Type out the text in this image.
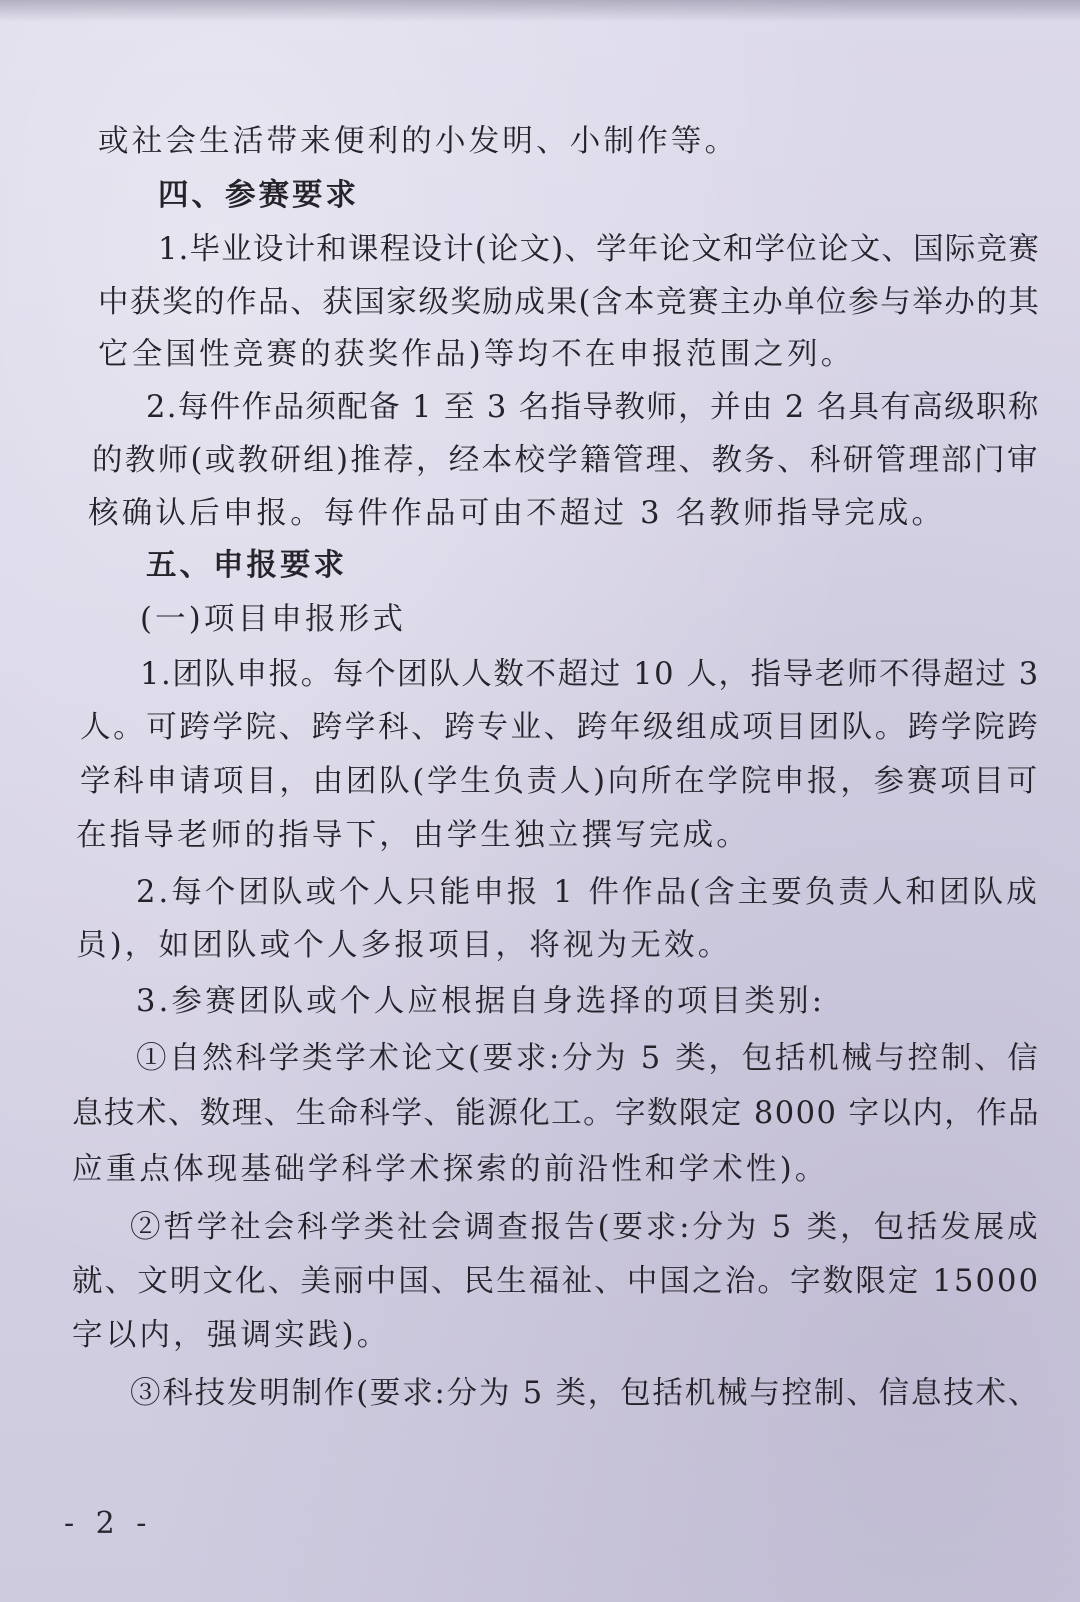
或社会生活带来便利的小发明、小制作等。
四、参赛要求
1.毕业设计和课程设计(论文)、学年论文和学位论文、国际竞赛
中获奖的作品、获国家级奖励成果(含本竞赛主办单位参与举办的其
它全国性竞赛的获奖作品)等均不在申报范围之列。
2.每件作品须配备 1 至 3 名指导教师，并由 2 名具有高级职称
的教师(或教研组)推荐，经本校学籍管理、教务、科研管理部门审
核确认后申报。每件作品可由不超过 3 名教师指导完成。
五、申报要求
(一)项目申报形式
1.团队申报。每个团队人数不超过 10 人，指导老师不得超过 3
人。可跨学院、跨学科、跨专业、跨年级组成项目团队。跨学院跨
学科申请项目，由团队(学生负责人)向所在学院申报，参赛项目可
在指导老师的指导下，由学生独立撰写完成。
2.每个团队或个人只能申报 1 件作品(含主要负责人和团队成
员)，如团队或个人多报项目，将视为无效。
3.参赛团队或个人应根据自身选择的项目类别:
①自然科学类学术论文(要求:分为 5 类，包括机械与控制、信
息技术、数理、生命科学、能源化工。字数限定 8000 字以内，作品
应重点体现基础学科学术探索的前沿性和学术性)。
②哲学社会科学类社会调查报告(要求:分为 5 类，包括发展成
就、文明文化、美丽中国、民生福祉、中国之治。字数限定 15000
字以内，强调实践)。
③科技发明制作(要求:分为 5 类，包括机械与控制、信息技术、
- 2 -
